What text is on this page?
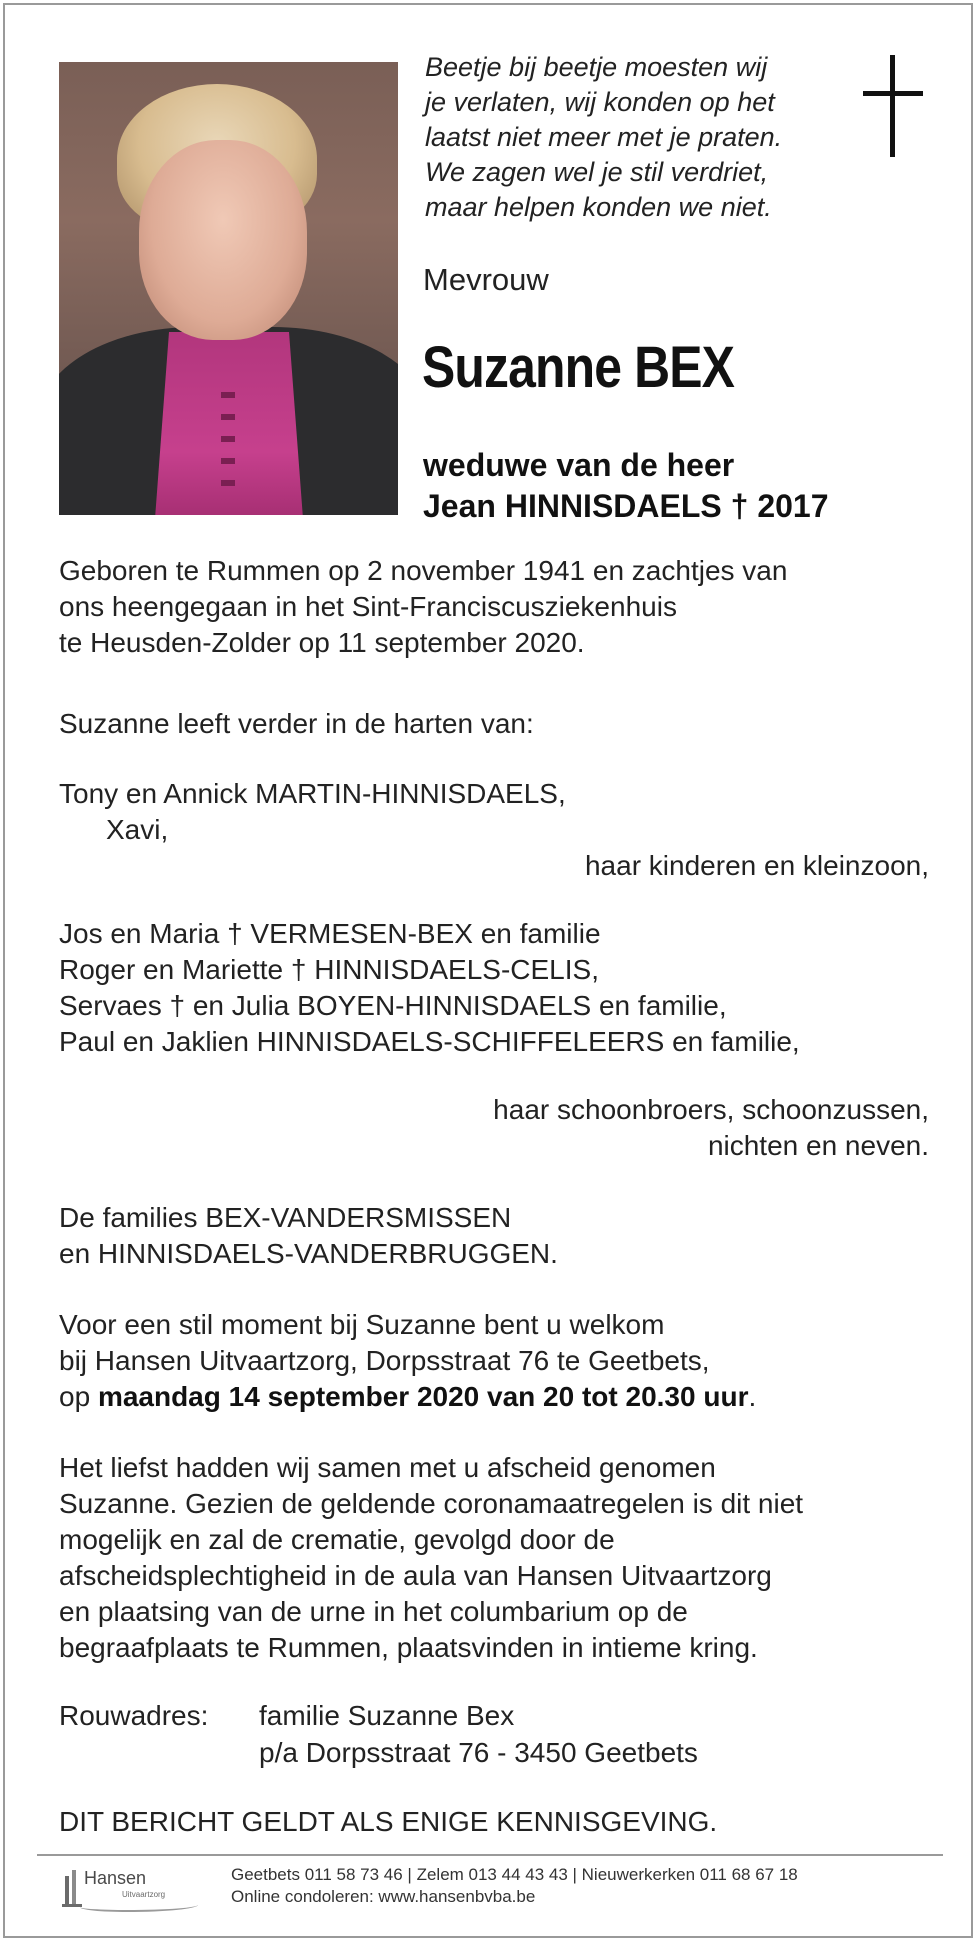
Beetje bij beetje moesten wij
je verlaten, wij konden op het
laatst niet meer met je praten.
We zagen wel je stil verdriet,
maar helpen konden we niet.
Mevrouw
Suzanne BEX
weduwe van de heer
Jean HINNISDAELS † 2017
Geboren te Rummen op 2 november 1941 en zachtjes van
ons heengegaan in het Sint-Franciscusziekenhuis
te Heusden-Zolder op 11 september 2020.
Suzanne leeft verder in de harten van:
Tony en Annick MARTIN-HINNISDAELS,
Xavi,
haar kinderen en kleinzoon,
Jos en Maria † VERMESEN-BEX en familie
Roger en Mariette † HINNISDAELS-CELIS,
Servaes † en Julia BOYEN-HINNISDAELS en familie,
Paul en Jaklien HINNISDAELS-SCHIFFELEERS en familie,
haar schoonbroers, schoonzussen,
nichten en neven.
De families BEX-VANDERSMISSEN
en HINNISDAELS-VANDERBRUGGEN.
Voor een stil moment bij Suzanne bent u welkom
bij Hansen Uitvaartzorg, Dorpsstraat 76 te Geetbets,
op maandag 14 september 2020 van 20 tot 20.30 uur.
Het liefst hadden wij samen met u afscheid genomen
Suzanne. Gezien de geldende coronamaatregelen is dit niet
mogelijk en zal de crematie, gevolgd door de
afscheidsplechtigheid in de aula van Hansen Uitvaartzorg
en plaatsing van de urne in het columbarium op de
begraafplaats te Rummen, plaatsvinden in intieme kring.
Rouwadres: familie Suzanne Bex
p/a Dorpsstraat 76 - 3450 Geetbets
DIT BERICHT GELDT ALS ENIGE KENNISGEVING.
Hansen
Uitvaartzorg
Geetbets 011 58 73 46 | Zelem 013 44 43 43 | Nieuwerkerken 011 68 67 18
Online condoleren: www.hansenbvba.be
